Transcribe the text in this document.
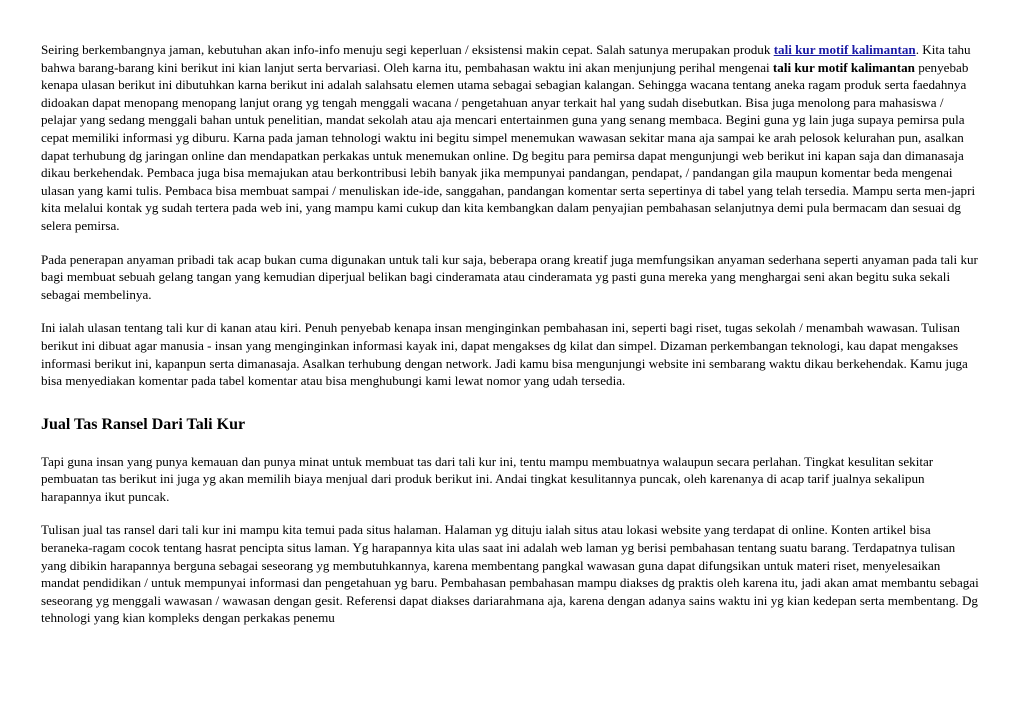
Seiring berkembangnya jaman, kebutuhan akan info-info menuju segi keperluan / eksistensi makin cepat. Salah satunya merupakan produk tali kur motif kalimantan. Kita tahu bahwa barang-barang kini berikut ini kian lanjut serta bervariasi. Oleh karna itu, pembahasan waktu ini akan menjunjung perihal mengenai tali kur motif kalimantan penyebab kenapa ulasan berikut ini dibutuhkan karna berikut ini adalah salahsatu elemen utama sebagai sebagian kalangan. Sehingga wacana tentang aneka ragam produk serta faedahnya didoakan dapat menopang menopang lanjut orang yg tengah menggali wacana / pengetahuan anyar terkait hal yang sudah disebutkan. Bisa juga menolong para mahasiswa / pelajar yang sedang menggali bahan untuk penelitian, mandat sekolah atau aja mencari entertainmen guna yang senang membaca. Begini guna yg lain juga supaya pemirsa pula cepat memiliki informasi yg diburu. Karna pada jaman tehnologi waktu ini begitu simpel menemukan wawasan sekitar mana aja sampai ke arah pelosok kelurahan pun, asalkan dapat terhubung dg jaringan online dan mendapatkan perkakas untuk menemukan online. Dg begitu para pemirsa dapat mengunjungi web berikut ini kapan saja dan dimanasaja dikau berkehendak. Pembaca juga bisa memajukan atau berkontribusi lebih banyak jika mempunyai pandangan, pendapat, / pandangan gila maupun komentar beda mengenai ulasan yang kami tulis. Pembaca bisa membuat sampai / menuliskan ide-ide, sanggahan, pandangan komentar serta sepertinya di tabel yang telah tersedia. Mampu serta men-japri kita melalui kontak yg sudah tertera pada web ini, yang mampu kami cukup dan kita kembangkan dalam penyajian pembahasan selanjutnya demi pula bermacam dan sesuai dg selera pemirsa.

Pada penerapan anyaman pribadi tak acap bukan cuma digunakan untuk tali kur saja, beberapa orang kreatif juga memfungsikan anyaman sederhana seperti anyaman pada tali kur bagi membuat sebuah gelang tangan yang kemudian diperjual belikan bagi cinderamata atau cinderamata yg pasti guna mereka yang menghargai seni akan begitu suka sekali sebagai membelinya.

Ini ialah ulasan tentang tali kur di kanan atau kiri. Penuh penyebab kenapa insan menginginkan pembahasan ini, seperti bagi riset, tugas sekolah / menambah wawasan. Tulisan berikut ini dibuat agar manusia - insan yang menginginkan informasi kayak ini, dapat mengakses dg kilat dan simpel. Dizaman perkembangan teknologi, kau dapat mengakses informasi berikut ini, kapanpun serta dimanasaja. Asalkan terhubung dengan network. Jadi kamu bisa mengunjungi website ini sembarang waktu dikau berkehendak. Kamu juga bisa menyediakan komentar pada tabel komentar atau bisa menghubungi kami lewat nomor yang udah tersedia.

Jual Tas Ransel Dari Tali Kur

Tapi guna insan yang punya kemauan dan punya minat untuk membuat tas dari tali kur ini, tentu mampu membuatnya walaupun secara perlahan. Tingkat kesulitan sekitar pembuatan tas berikut ini juga yg akan memilih biaya menjual dari produk berikut ini. Andai tingkat kesulitannya puncak, oleh karenanya di acap tarif jualnya sekalipun harapannya ikut puncak.

Tulisan jual tas ransel dari tali kur ini mampu kita temui pada situs halaman. Halaman yg dituju ialah situs atau lokasi website yang terdapat di online. Konten artikel bisa beraneka-ragam cocok tentang hasrat pencipta situs laman. Yg harapannya kita ulas saat ini adalah web laman yg berisi pembahasan tentang suatu barang. Terdapatnya tulisan yang dibikin harapannya berguna sebagai seseorang yg membutuhkannya, karena membentang pangkal wawasan guna dapat difungsikan untuk materi riset, menyelesaikan mandat pendidikan / untuk mempunyai informasi dan pengetahuan yg baru. Pembahasan pembahasan mampu diakses dg praktis oleh karena itu, jadi akan amat membantu sebagai seseorang yg menggali wawasan / wawasan dengan gesit. Referensi dapat diakses dariarahmana aja, karena dengan adanya sains waktu ini yg kian kedepan serta membentang. Dg tehnologi yang kian kompleks dengan perkakas penemu
